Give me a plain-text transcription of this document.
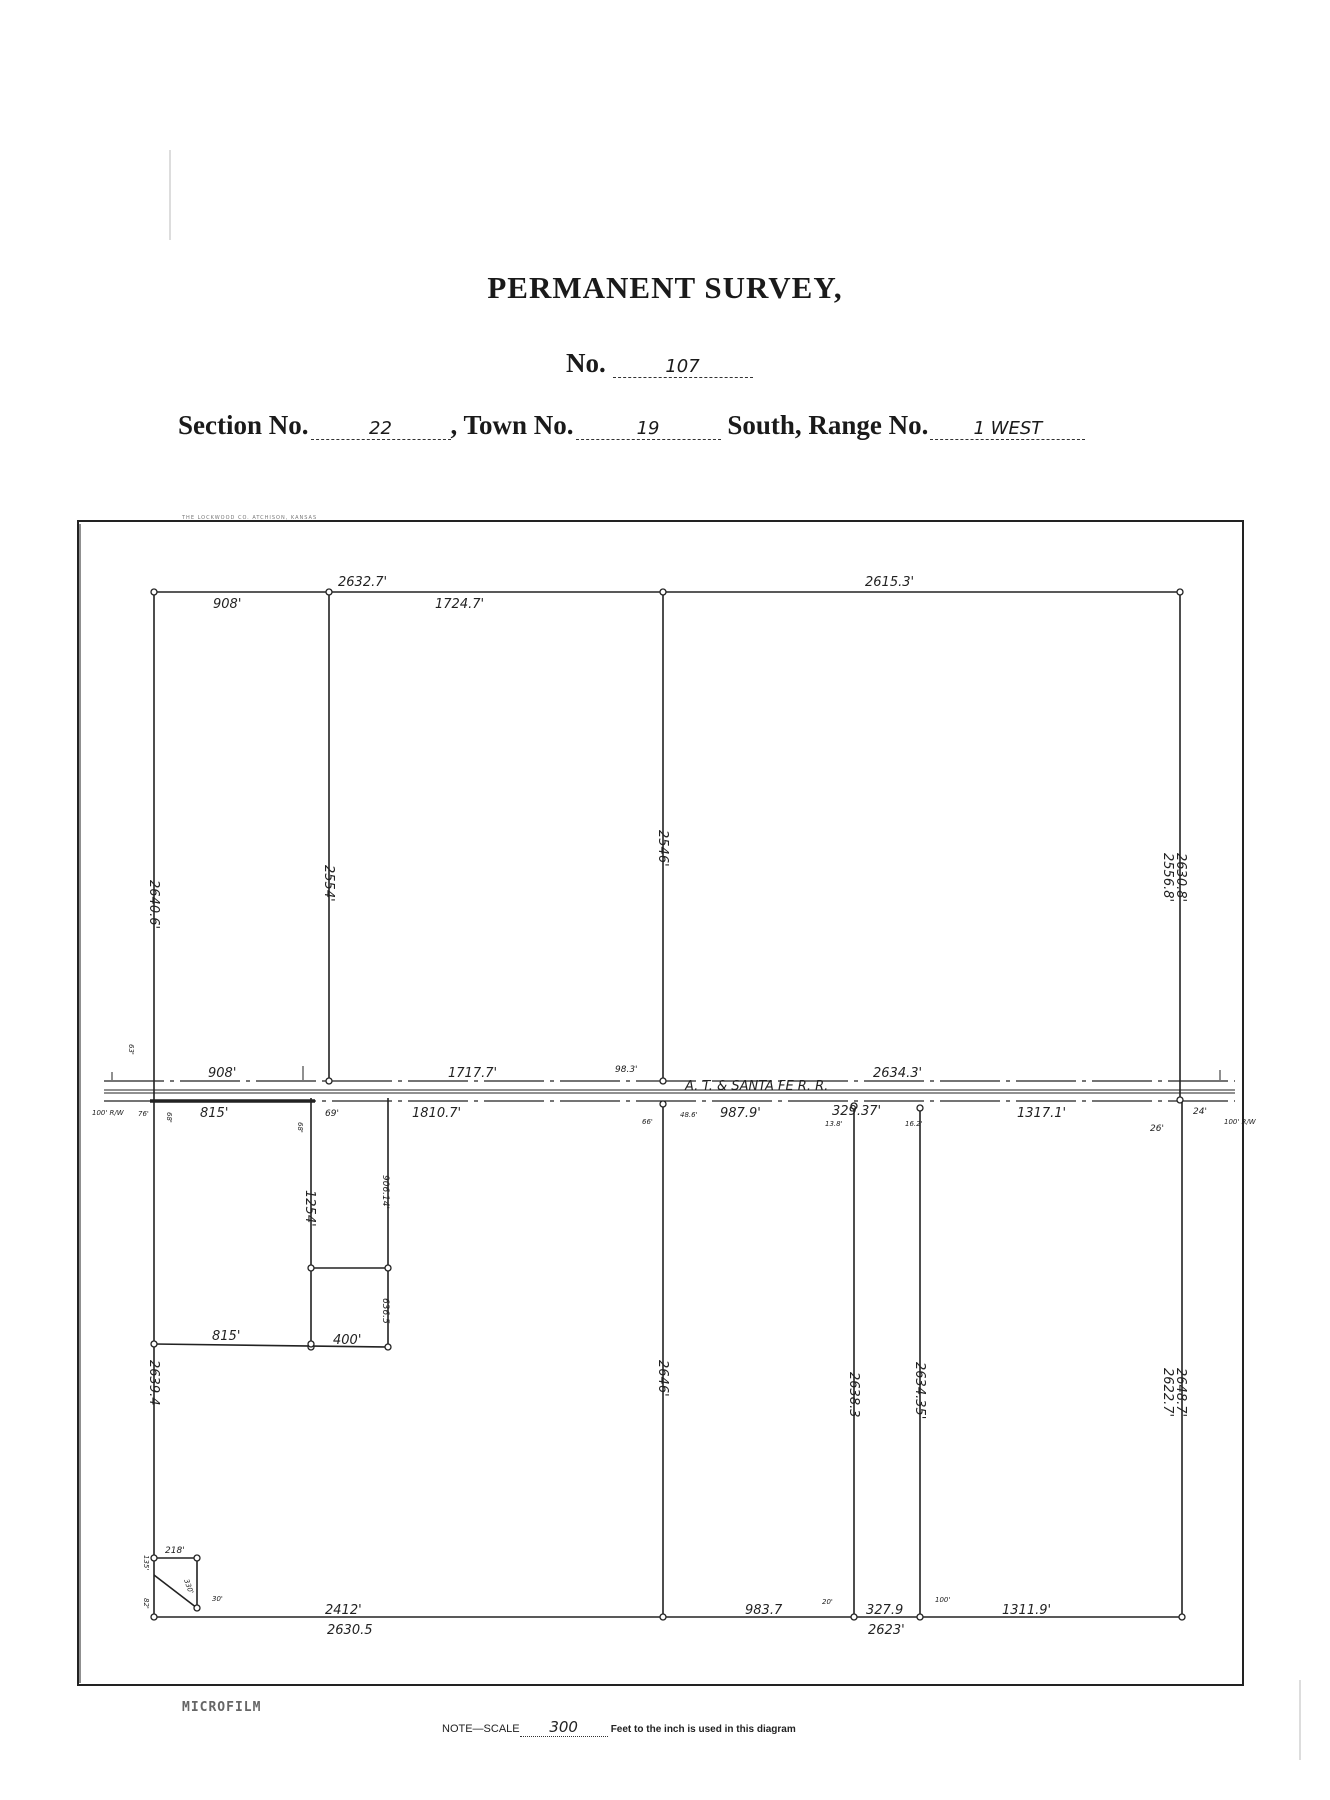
PERMANENT SURVEY,
No.	107
Section No.	22 , Town No.	19	South, Range No.	1 WEST
THE LOCKWOOD CO. ATCHISON, KANSAS
908'
2632.7'
1724.7'
2615.3'
2640.6'	2554'
2546'
2556.8'
2630.8'
908'	1717.7'	2634.3'
98.3'
A. T. & SANTA FE R. R.
815'	1810.7'	987.9'	329.37'	1317.1'
63'
100' R/W 76' 68'
68'
69'
66'
48.6'
13.8'	16.2'	26'
24'
100' R/W
1254'	906.14'
636.5
815'	400'
2639.4	2646'	2638.3	2634.35'	2622.7'
2648.7'
2412'
2630.5
983.7	327.9	1311.9'
2623'
20'	100'
218'
135'
330'
30'
82'
MICROFILM
NOTE—SCALE 300	Feet to the inch is used in this diagram
